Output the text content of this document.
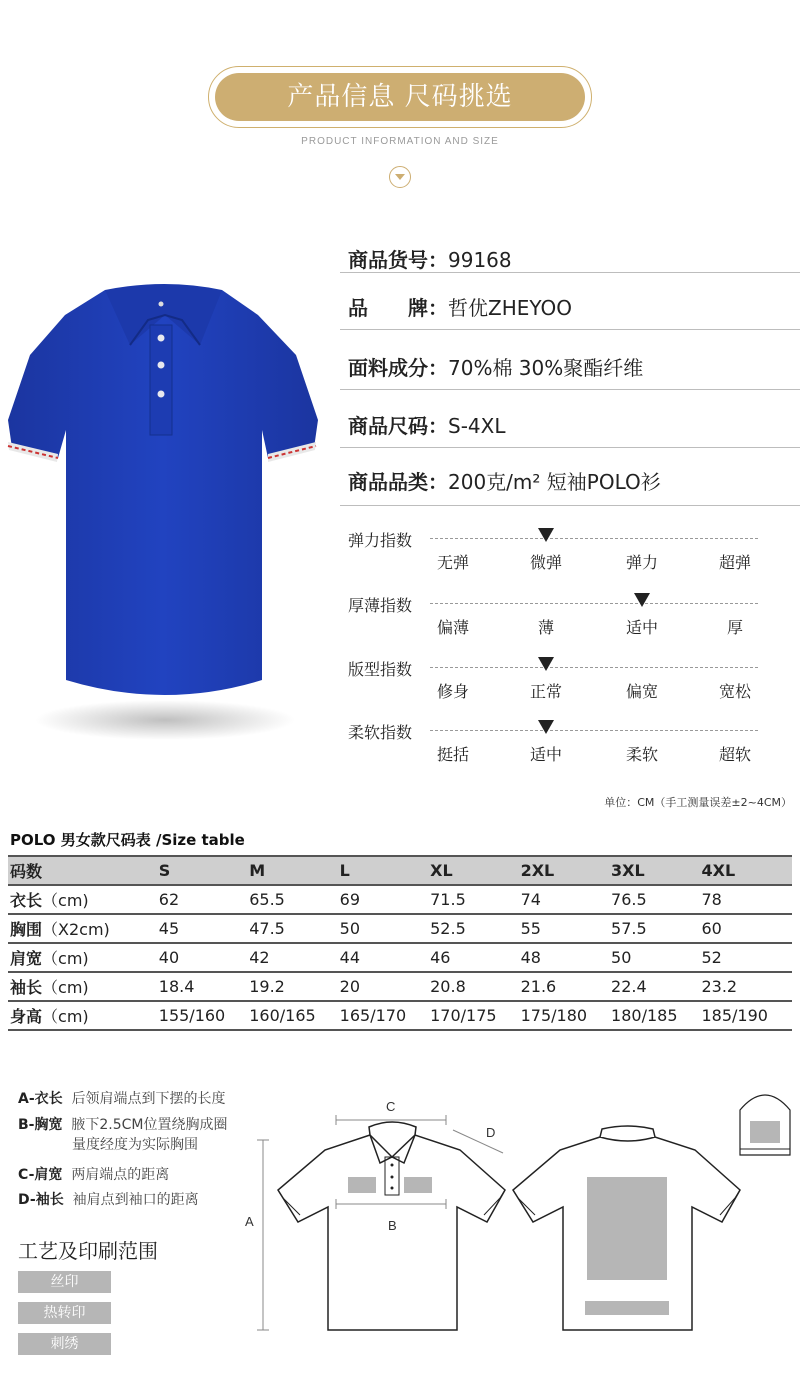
产品信息 尺码挑选
PRODUCT INFORMATION AND SIZE
商品货号：99168
品　　牌：哲优ZHEYOO
面料成分：70%棉 30%聚酯纤维
商品尺码：S-4XL
商品品类：200克/m² 短袖POLO衫
弹力指数
无弹	微弹	弹力	超弹
厚薄指数
偏薄	薄	适中	厚
版型指数
修身	正常	偏宽	宽松
柔软指数
挺括	适中	柔软	超软
单位：CM（手工测量误差±2~4CM）
POLO 男女款尺码表 /Size table
码数	S	M	L	XL	2XL	3XL	4XL
衣长（cm)	62	65.5	69	71.5	74	76.5	78
胸围（X2cm)	45	47.5	50	52.5	55	57.5	60
肩宽（cm)	40	42	44	46	48	50	52
袖长（cm)	18.4	19.2	20	20.8	21.6	22.4	23.2
身高（cm)	155/160	160/165	165/170	170/175	175/180	180/185	185/190
A-衣长 后领肩端点到下摆的长度
B-胸宽 腋下2.5CM位置绕胸成圈
量度经度为实际胸围
C-肩宽 两肩端点的距离
D-袖长 袖肩点到袖口的距离
工艺及印刷范围
丝印
热转印
刺绣
A
C
D
B
